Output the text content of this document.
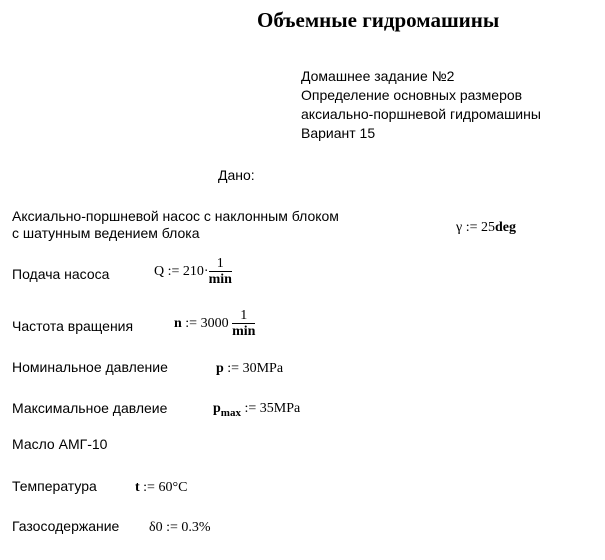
Объемные гидромашины
Домашнее задание №2
Определение основных размеров
аксиально-поршневой гидромашины
Вариант 15
Дано:
Аксиально-поршневой насос с наклонным блоком
с шатунным ведением блока	γ := 25deg
Подача насоса	Q := $210\cdot \frac{1}{\min}$
Частота вращения	n := $3000 \frac{1}{\min}$
Номинальное давление	p := 30MPa
Максимальное давлеие	$p_{max}$ := 35MPa
Масло АМГ-10
Температура	t := 60°C
Газосодержание δ0 := 0.3%
